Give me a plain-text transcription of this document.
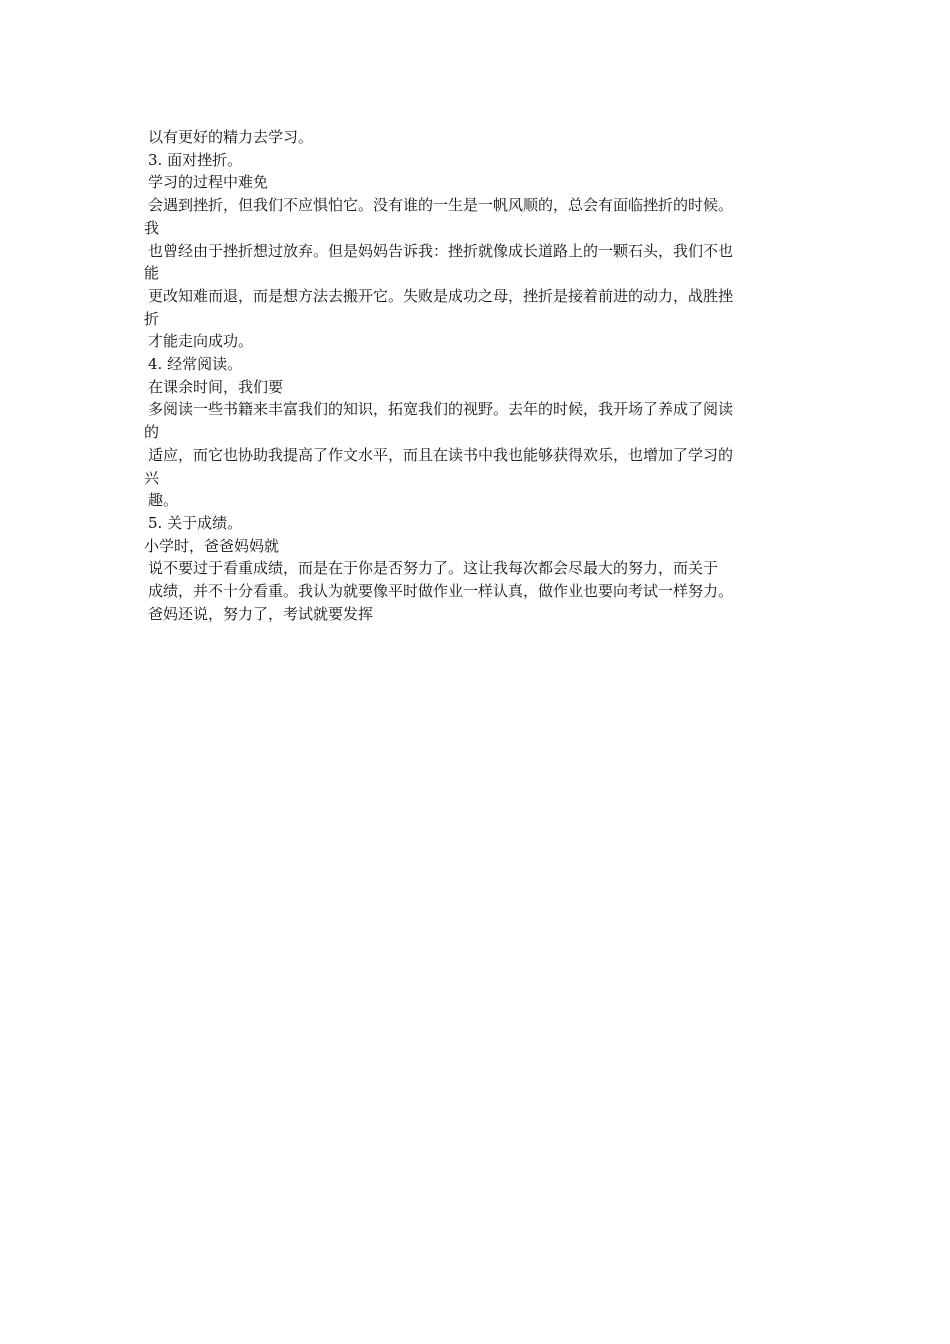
以有更好的精力去学习。
3. 面对挫折。
学习的过程中难免
会遇到挫折，但我们不应惧怕它。没有谁的一生是一帆风顺的，总会有面临挫折的时候。
我
也曾经由于挫折想过放弃。但是妈妈告诉我：挫折就像成长道路上的一颗石头，我们不也
能
更改知难而退，而是想方法去搬开它。失败是成功之母，挫折是接着前进的动力，战胜挫
折
才能走向成功。
4. 经常阅读。
在课余时间，我们要
多阅读一些书籍来丰富我们的知识，拓宽我们的视野。去年的时候，我开场了养成了阅读
的
适应，而它也协助我提高了作文水平，而且在读书中我也能够获得欢乐，也增加了学习的
兴
趣。
5. 关于成绩。
小学时，爸爸妈妈就
说不要过于看重成绩，而是在于你是否努力了。这让我每次都会尽最大的努力，而关于
成绩，并不十分看重。我认为就要像平时做作业一样认真，做作业也要向考试一样努力。
爸妈还说，努力了，考试就要发挥
